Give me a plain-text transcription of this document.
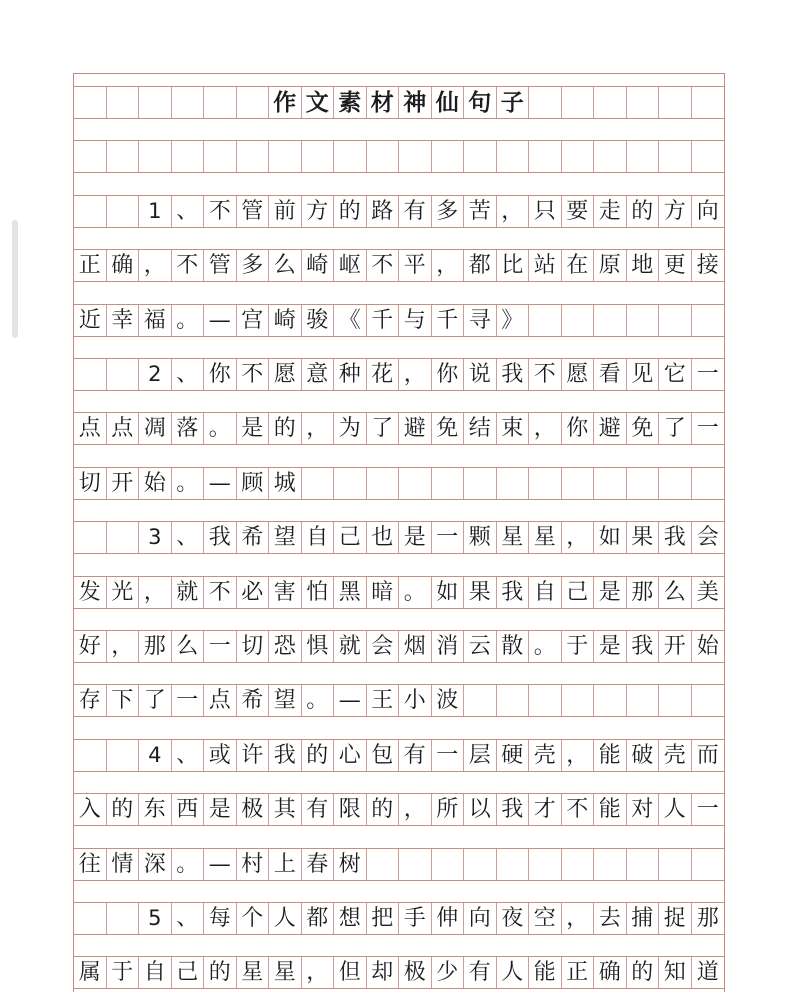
作 文 素 材 神 仙 句 子
1 、 不 管 前 方 的 路 有 多 苦 ， 只 要 走 的 方 向
正 确 ， 不 管 多 么 崎 岖 不 平 ， 都 比 站 在 原 地 更 接
近 幸 福 。 — 宫 崎 骏 《 千 与 千 寻 》
2 、 你 不 愿 意 种 花 ， 你 说 我 不 愿 看 见 它 一
点 点 凋 落 。 是 的 ， 为 了 避 免 结 束 ， 你 避 免 了 一
切 开 始 。 — 顾 城
3 、 我 希 望 自 己 也 是 一 颗 星 星 ， 如 果 我 会
发 光 ， 就 不 必 害 怕 黑 暗 。 如 果 我 自 己 是 那 么 美
好 ， 那 么 一 切 恐 惧 就 会 烟 消 云 散 。 于 是 我 开 始
存 下 了 一 点 希 望 。 — 王 小 波
4 、 或 许 我 的 心 包 有 一 层 硬 壳 ， 能 破 壳 而
入 的 东 西 是 极 其 有 限 的 ， 所 以 我 才 不 能 对 人 一
往 情 深 。 — 村 上 春 树
5 、 每 个 人 都 想 把 手 伸 向 夜 空 ， 去 捕 捉 那
属 于 自 己 的 星 星 ， 但 却 极 少 有 人 能 正 确 的 知 道
